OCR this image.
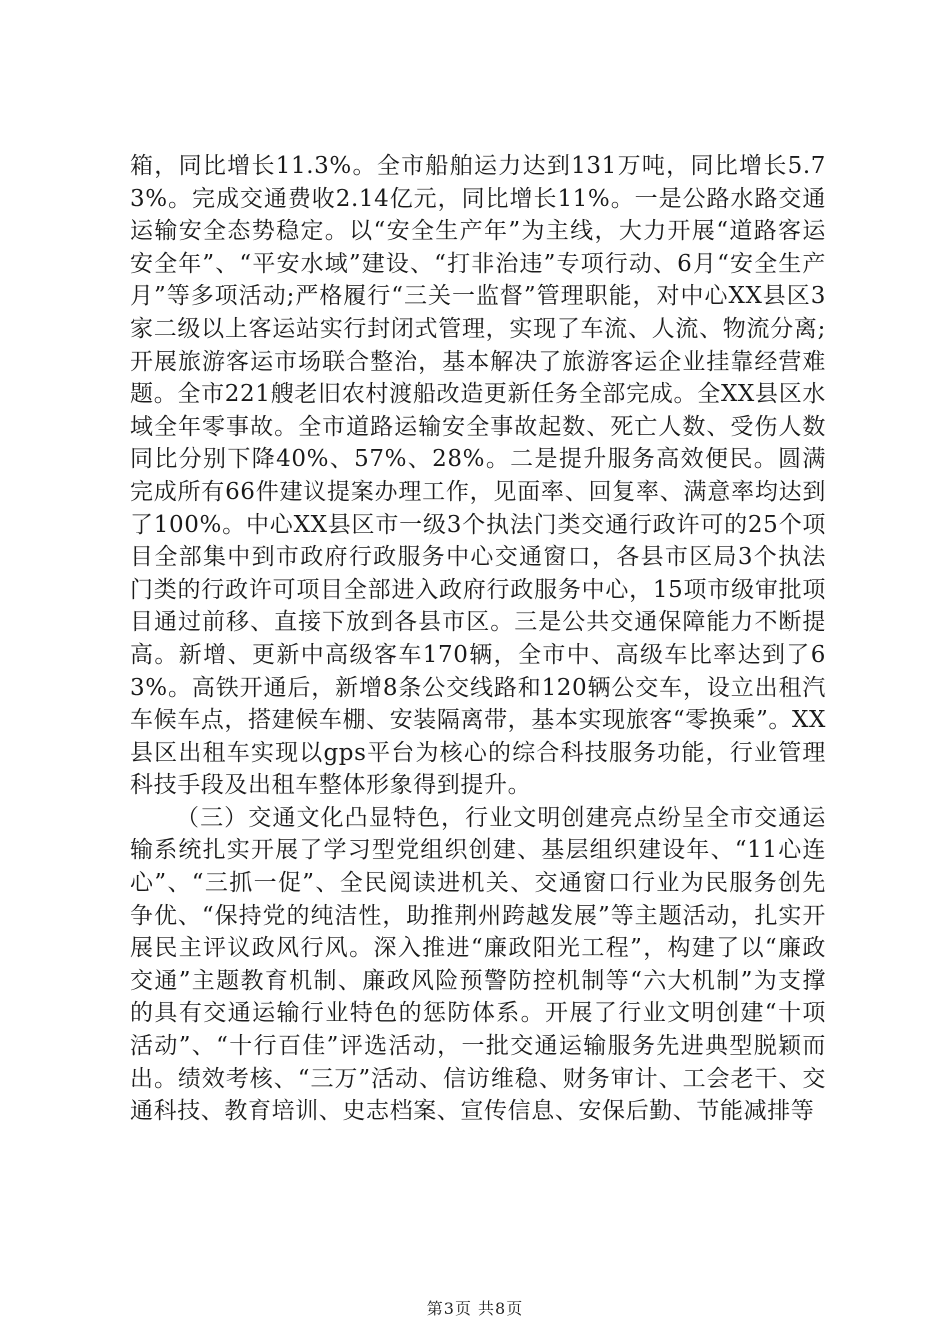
箱，同比增长11.3%。全市船舶运力达到131万吨，同比增长5.73%。完成交通费收2.14亿元，同比增长11%。一是公路水路交通运输安全态势稳定。以“安全生产年”为主线，大力开展“道路客运安全年”、“平安水域”建设、“打非治违”专项行动、6月“安全生产月”等多项活动;严格履行“三关一监督”管理职能，对中心XX县区3家二级以上客运站实行封闭式管理，实现了车流、人流、物流分离;开展旅游客运市场联合整治，基本解决了旅游客运企业挂靠经营难题。全市221艘老旧农村渡船改造更新任务全部完成。全XX县区水域全年零事故。全市道路运输安全事故起数、死亡人数、受伤人数同比分别下降40%、57%、28%。二是提升服务高效便民。圆满完成所有66件建议提案办理工作，见面率、回复率、满意率均达到了100%。中心XX县区市一级3个执法门类交通行政许可的25个项目全部集中到市政府行政服务中心交通窗口，各县市区局3个执法门类的行政许可项目全部进入政府行政服务中心，15项市级审批项目通过前移、直接下放到各县市区。三是公共交通保障能力不断提高。新增、更新中高级客车170辆，全市中、高级车比率达到了63%。高铁开通后，新增8条公交线路和120辆公交车，设立出租汽车候车点，搭建候车棚、安装隔离带，基本实现旅客“零换乘”。XX县区出租车实现以gps平台为核心的综合科技服务功能，行业管理科技手段及出租车整体形象得到提升。

（三）交通文化凸显特色，行业文明创建亮点纷呈全市交通运输系统扎实开展了学习型党组织创建、基层组织建设年、“11心连心”、“三抓一促”、全民阅读进机关、交通窗口行业为民服务创先争优、“保持党的纯洁性，助推荆州跨越发展”等主题活动，扎实开展民主评议政风行风。深入推进“廉政阳光工程”，构建了以“廉政交通”主题教育机制、廉政风险预警防控机制等“六大机制”为支撑的具有交通运输行业特色的惩防体系。开展了行业文明创建“十项活动”、“十行百佳”评选活动，一批交通运输服务先进典型脱颖而出。绩效考核、“三万”活动、信访维稳、财务审计、工会老干、交通科技、教育培训、史志档案、宣传信息、安保后勤、节能减排等

第3页 共8页
